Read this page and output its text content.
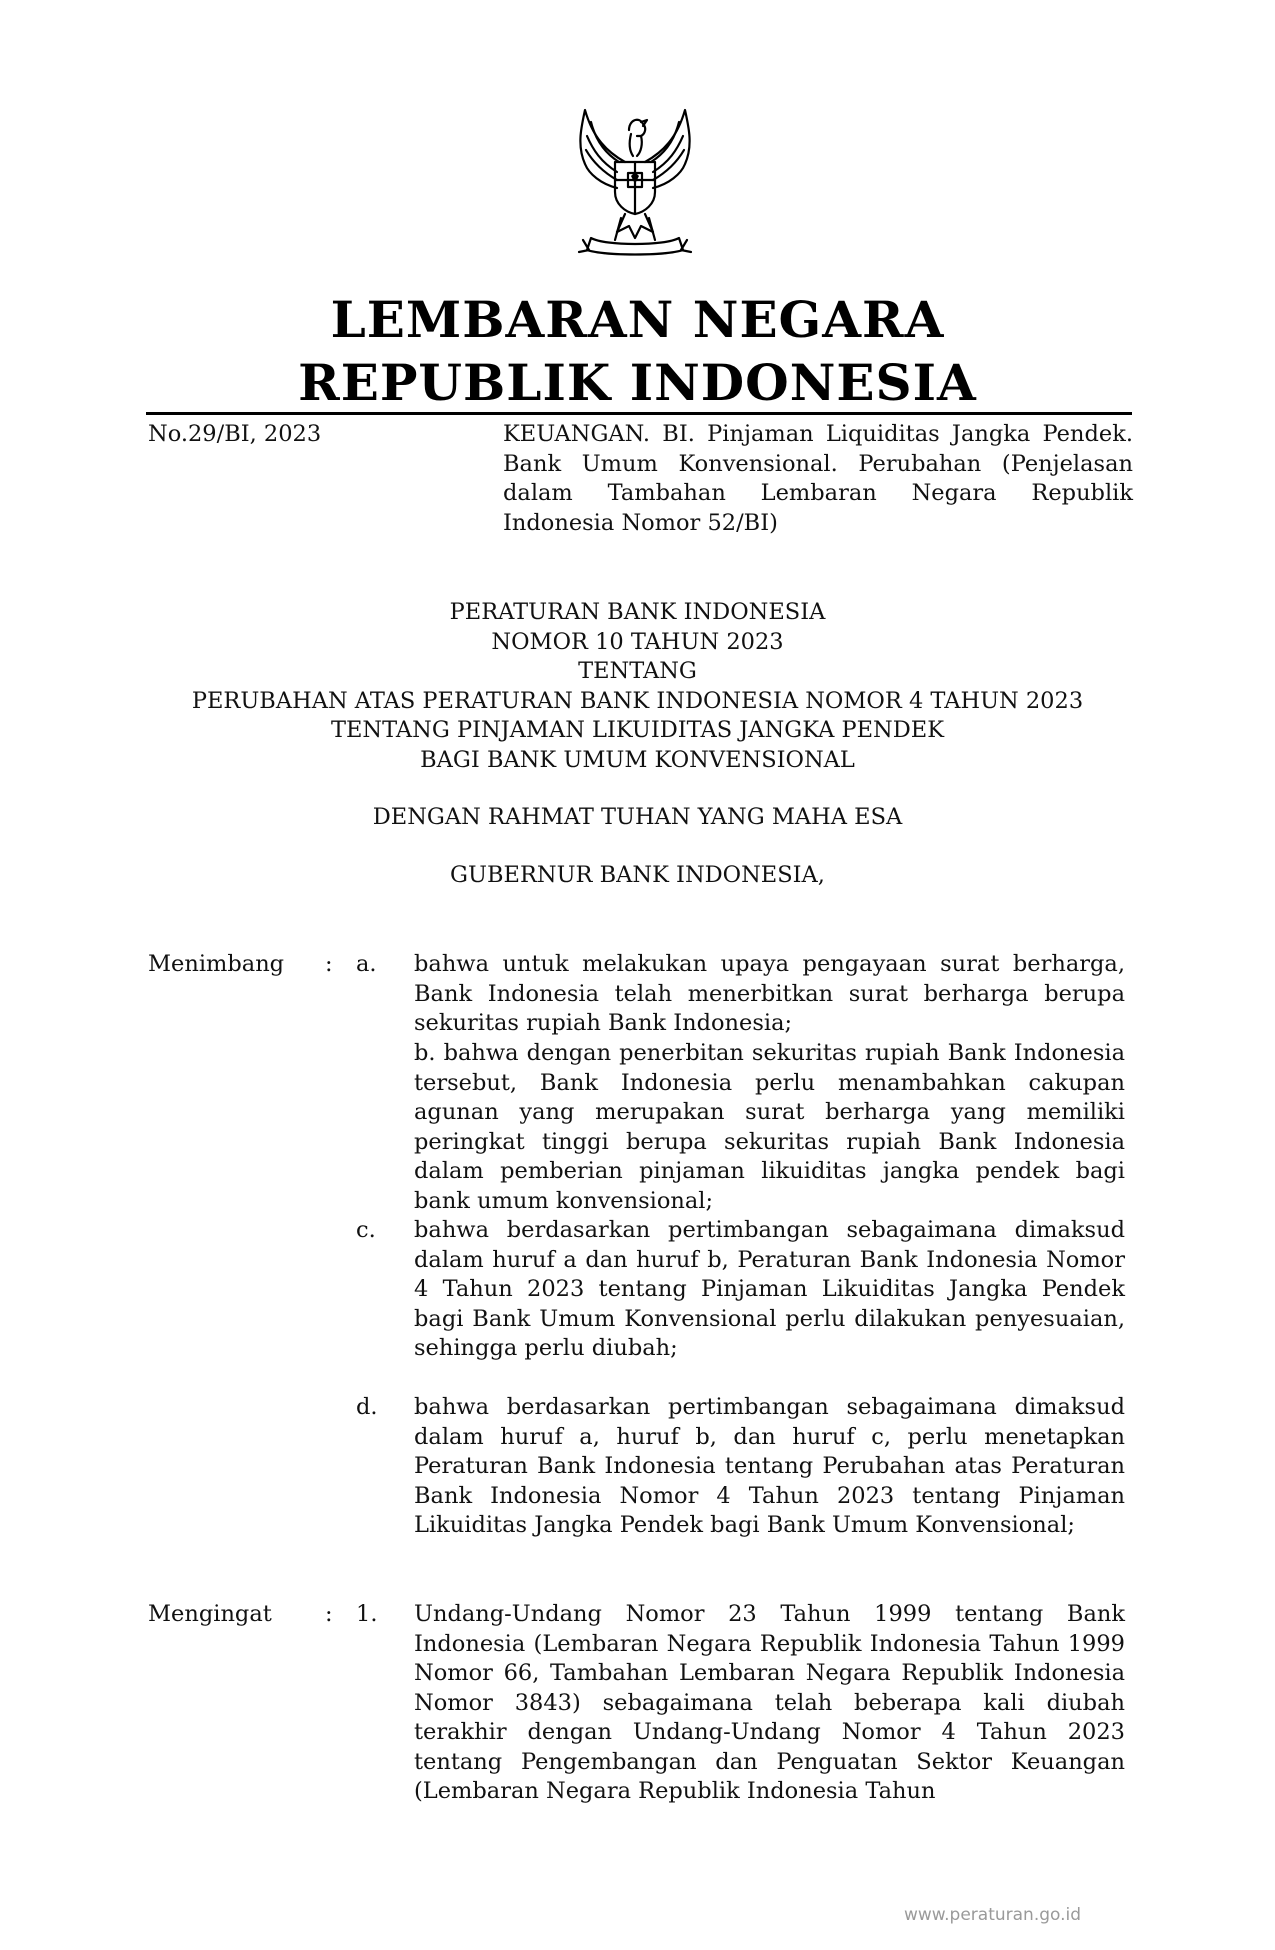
LEMBARAN NEGARA
REPUBLIK INDONESIA
No.29/BI, 2023	KEUANGAN. BI. Pinjaman Liquiditas Jangka Pendek. Bank Umum Konvensional. Perubahan (Penjelasan dalam Tambahan Lembaran Negara Republik Indonesia Nomor 52/BI)
PERATURAN BANK INDONESIA
NOMOR 10 TAHUN 2023
TENTANG
PERUBAHAN ATAS PERATURAN BANK INDONESIA NOMOR 4 TAHUN 2023
TENTANG PINJAMAN LIKUIDITAS JANGKA PENDEK
BAGI BANK UMUM KONVENSIONAL
DENGAN RAHMAT TUHAN YANG MAHA ESA
GUBERNUR BANK INDONESIA,
Menimbang : a. bahwa untuk melakukan upaya pengayaan surat berharga, Bank Indonesia telah menerbitkan surat berharga berupa sekuritas rupiah Bank Indonesia;
b. bahwa dengan penerbitan sekuritas rupiah Bank Indonesia tersebut, Bank Indonesia perlu menambahkan cakupan agunan yang merupakan surat berharga yang memiliki peringkat tinggi berupa sekuritas rupiah Bank Indonesia dalam pemberian pinjaman likuiditas jangka pendek bagi bank umum konvensional;
c. bahwa berdasarkan pertimbangan sebagaimana dimaksud dalam huruf a dan huruf b, Peraturan Bank Indonesia Nomor 4 Tahun 2023 tentang Pinjaman Likuiditas Jangka Pendek bagi Bank Umum Konvensional perlu dilakukan penyesuaian, sehingga perlu diubah;
d. bahwa berdasarkan pertimbangan sebagaimana dimaksud dalam huruf a, huruf b, dan huruf c, perlu menetapkan Peraturan Bank Indonesia tentang Perubahan atas Peraturan Bank Indonesia Nomor 4 Tahun 2023 tentang Pinjaman Likuiditas Jangka Pendek bagi Bank Umum Konvensional;
Mengingat : 1. Undang-Undang Nomor 23 Tahun 1999 tentang Bank Indonesia (Lembaran Negara Republik Indonesia Tahun 1999 Nomor 66, Tambahan Lembaran Negara Republik Indonesia Nomor 3843) sebagaimana telah beberapa kali diubah terakhir dengan Undang-Undang Nomor 4 Tahun 2023 tentang Pengembangan dan Penguatan Sektor Keuangan (Lembaran Negara Republik Indonesia Tahun
www.peraturan.go.id
